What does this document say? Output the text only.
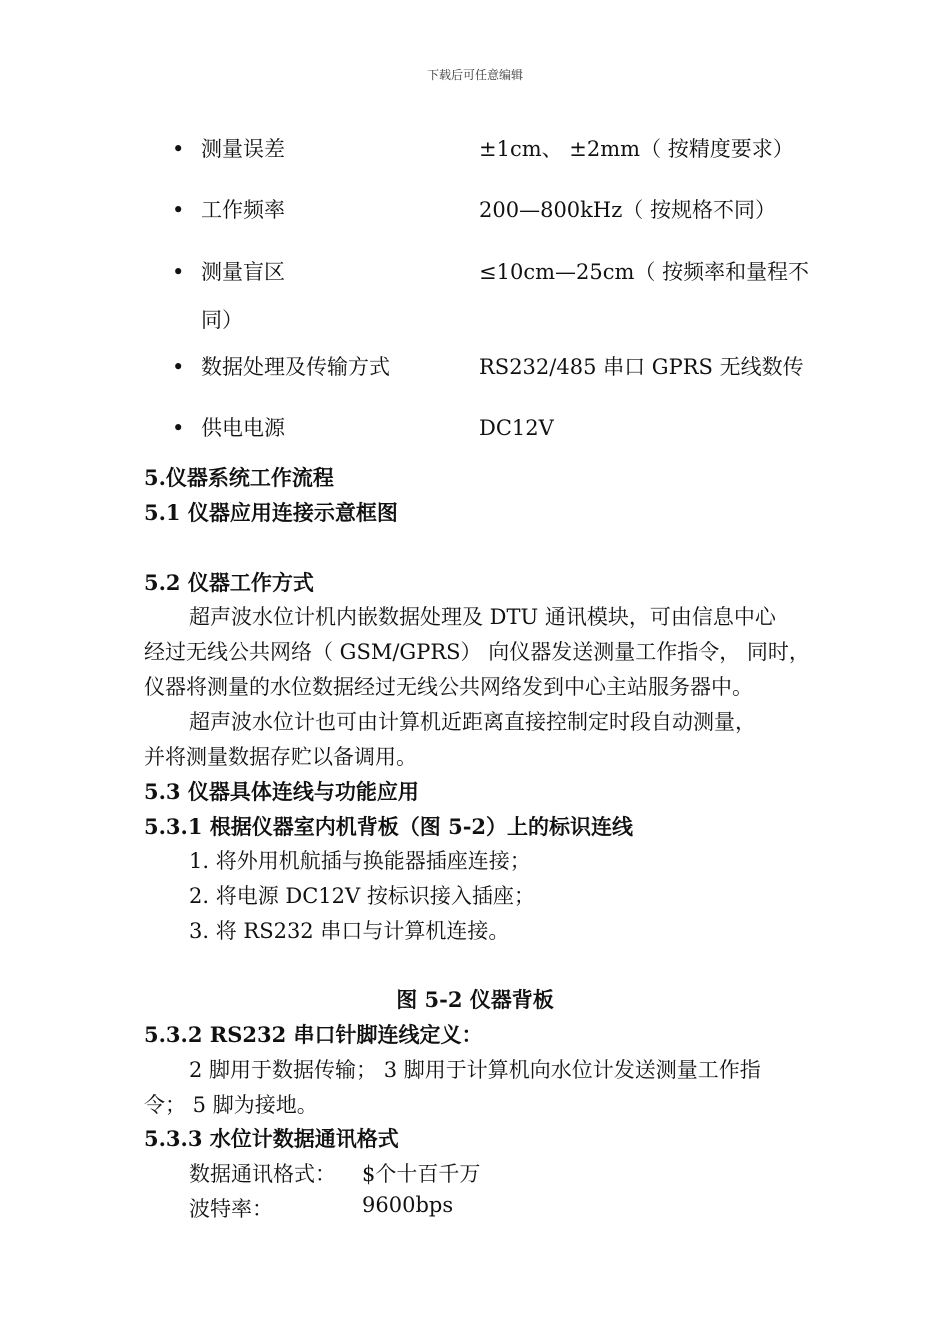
下载后可任意编辑
• 测量误差	±1cm、 ±2mm（ 按精度要求）
• 工作频率	200—800kHz（ 按规格不同）
• 测量盲区	≤10cm—25cm（ 按频率和量程不
同）
• 数据处理及传输方式	RS232/485 串口 GPRS 无线数传
• 供电电源	DC12V
5.仪器系统工作流程
5.1 仪器应用连接示意框图
5.2 仪器工作方式
超声波水位计机内嵌数据处理及 DTU 通讯模块，可由信息中心
经过无线公共网络（ GSM/GPRS） 向仪器发送测量工作指令， 同时，
仪器将测量的水位数据经过无线公共网络发到中心主站服务器中。
超声波水位计也可由计算机近距离直接控制定时段自动测量，
并将测量数据存贮以备调用。
5.3 仪器具体连线与功能应用
5.3.1 根据仪器室内机背板（图 5-2）上的标识连线
1. 将外用机航插与换能器插座连接；
2. 将电源 DC12V 按标识接入插座；
3. 将 RS232 串口与计算机连接。
图 5-2 仪器背板
5.3.2 RS232 串口针脚连线定义：
2 脚用于数据传输； 3 脚用于计算机向水位计发送测量工作指
令； 5 脚为接地。
5.3.3 水位计数据通讯格式
数据通讯格式： $个十百千万
波特率：	9600bps
